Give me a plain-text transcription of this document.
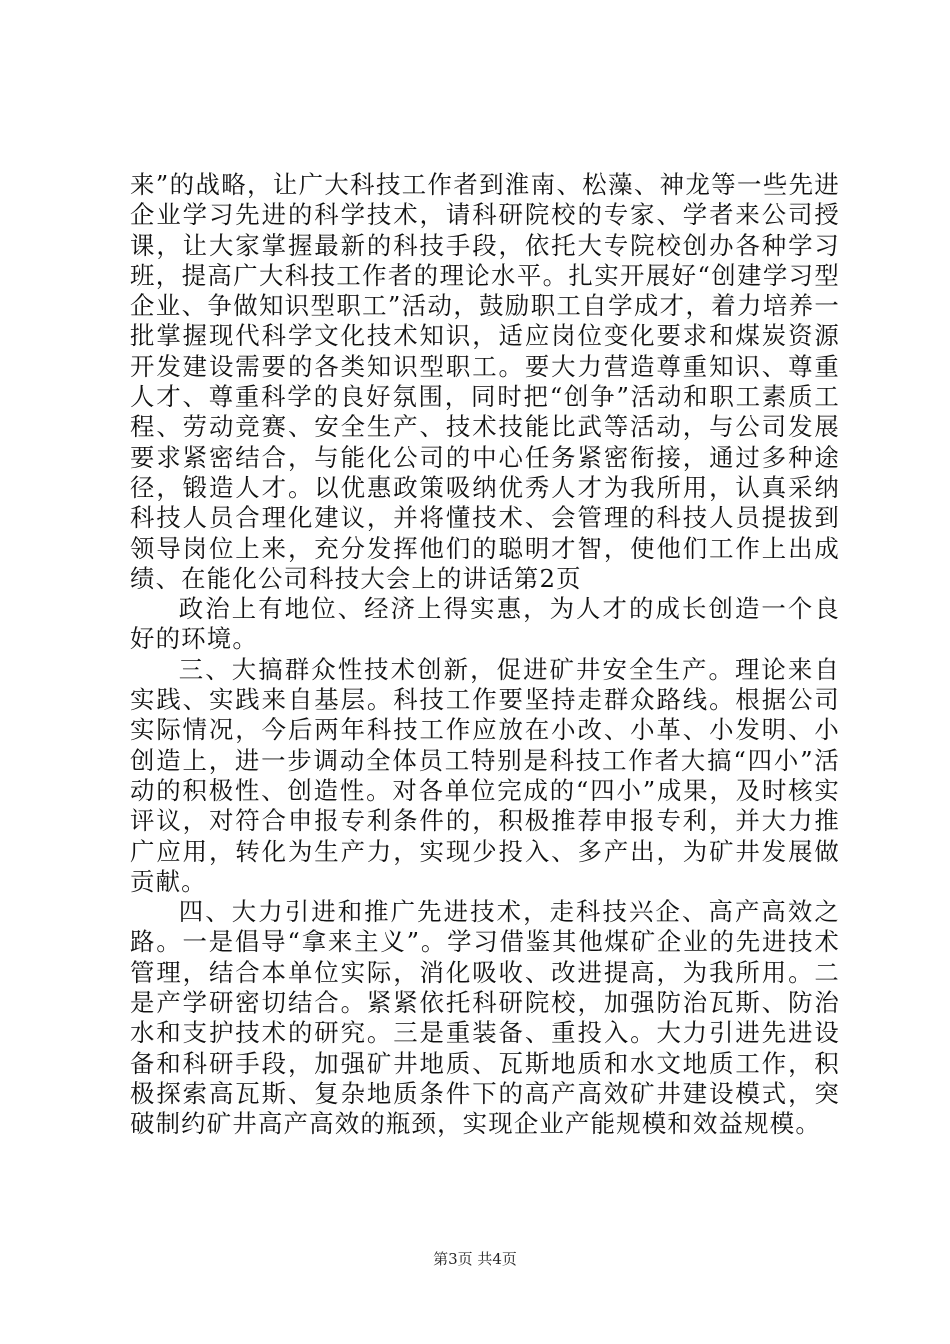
来”的战略，让广大科技工作者到淮南、松藻、神龙等一些先进企业学习先进的科学技术，请科研院校的专家、学者来公司授课，让大家掌握最新的科技手段，依托大专院校创办各种学习班，提高广大科技工作者的理论水平。扎实开展好“创建学习型企业、争做知识型职工”活动，鼓励职工自学成才，着力培养一批掌握现代科学文化技术知识，适应岗位变化要求和煤炭资源开发建设需要的各类知识型职工。要大力营造尊重知识、尊重人才、尊重科学的良好氛围，同时把“创争”活动和职工素质工程、劳动竞赛、安全生产、技术技能比武等活动，与公司发展要求紧密结合，与能化公司的中心任务紧密衔接，通过多种途径，锻造人才。以优惠政策吸纳优秀人才为我所用，认真采纳科技人员合理化建议，并将懂技术、会管理的科技人员提拔到领导岗位上来，充分发挥他们的聪明才智，使他们工作上出成绩、在能化公司科技大会上的讲话第2页

政治上有地位、经济上得实惠，为人才的成长创造一个良好的环境。

三、大搞群众性技术创新，促进矿井安全生产。理论来自实践、实践来自基层。科技工作要坚持走群众路线。根据公司实际情况，今后两年科技工作应放在小改、小革、小发明、小创造上，进一步调动全体员工特别是科技工作者大搞“四小”活动的积极性、创造性。对各单位完成的“四小”成果，及时核实评议，对符合申报专利条件的，积极推荐申报专利，并大力推广应用，转化为生产力，实现少投入、多产出，为矿井发展做贡献。

四、大力引进和推广先进技术，走科技兴企、高产高效之路。一是倡导“拿来主义”。学习借鉴其他煤矿企业的先进技术管理，结合本单位实际，消化吸收、改进提高，为我所用。二是产学研密切结合。紧紧依托科研院校，加强防治瓦斯、防治水和支护技术的研究。三是重装备、重投入。大力引进先进设备和科研手段，加强矿井地质、瓦斯地质和水文地质工作，积极探索高瓦斯、复杂地质条件下的高产高效矿井建设模式，突破制约矿井高产高效的瓶颈，实现企业产能规模和效益规模。

第3页 共4页
